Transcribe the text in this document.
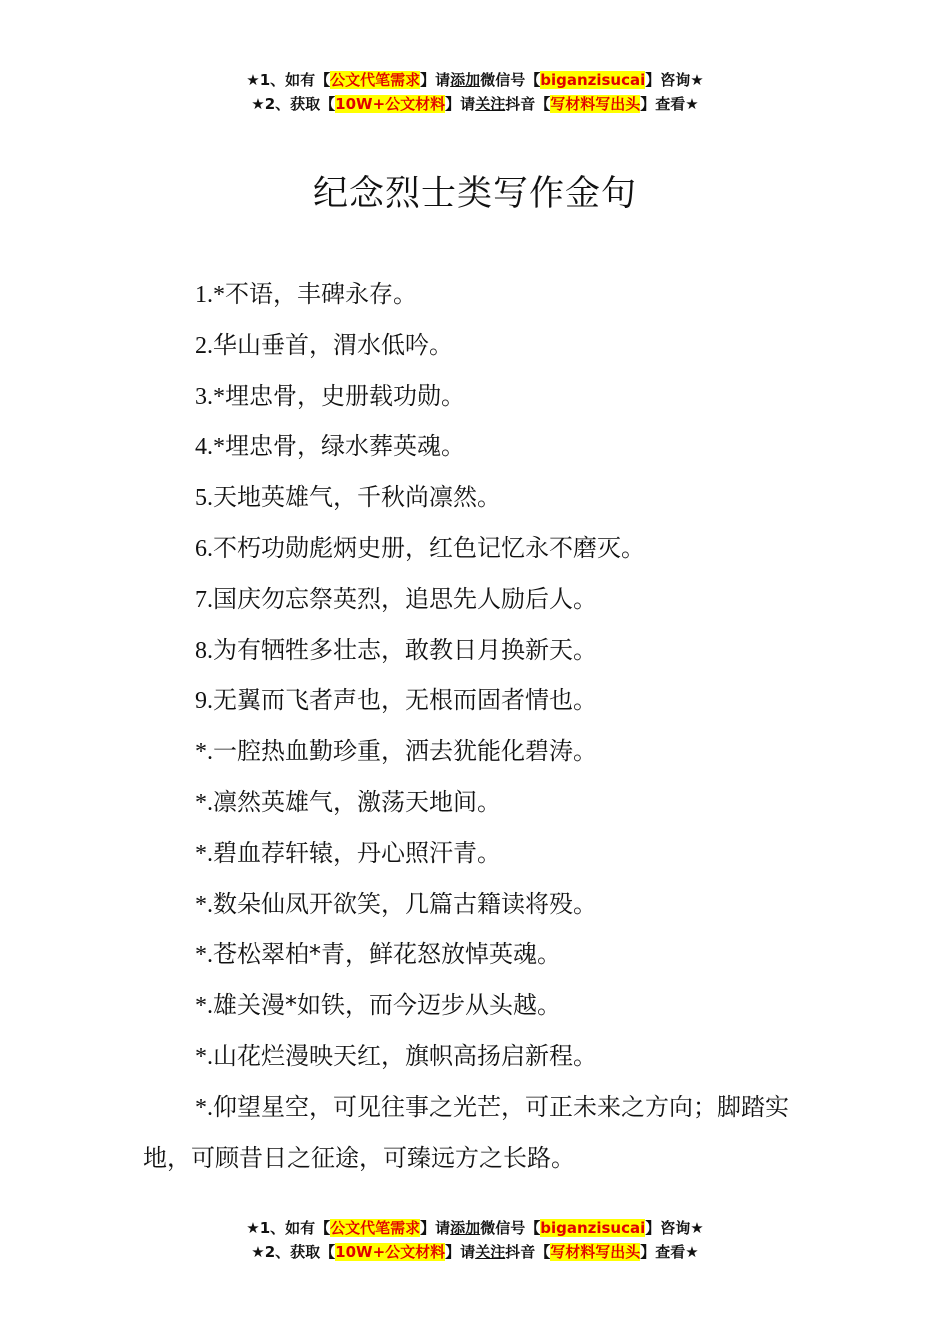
★1、如有【公文代笔需求】请添加微信号【biganzisucai】咨询★
★2、获取【10W+公文材料】请关注抖音【写材料写出头】查看★
纪念烈士类写作金句

1.*不语，丰碑永存。

2.华山垂首，渭水低吟。

3.*埋忠骨，史册载功勋。

4.*埋忠骨，绿水葬英魂。

5.天地英雄气，千秋尚凛然。

6.不朽功勋彪炳史册，红色记忆永不磨灭。

7.国庆勿忘祭英烈，追思先人励后人。

8.为有牺牲多壮志，敢教日月换新天。

9.无翼而飞者声也，无根而固者情也。

*.一腔热血勤珍重，洒去犹能化碧涛。

*.凛然英雄气，激荡天地间。

*.碧血荐轩辕，丹心照汗青。

*.数朵仙凤开欲笑，几篇古籍读将殁。

*.苍松翠柏*青，鲜花怒放悼英魂。

*.雄关漫*如铁，而今迈步从头越。

*.山花烂漫映天红，旗帜高扬启新程。

*.仰望星空，可见往事之光芒，可正未来之方向；脚踏实地，可顾昔日之征途，可臻远方之长路。

★1、如有【公文代笔需求】请添加微信号【biganzisucai】咨询★
★2、获取【10W+公文材料】请关注抖音【写材料写出头】查看★
